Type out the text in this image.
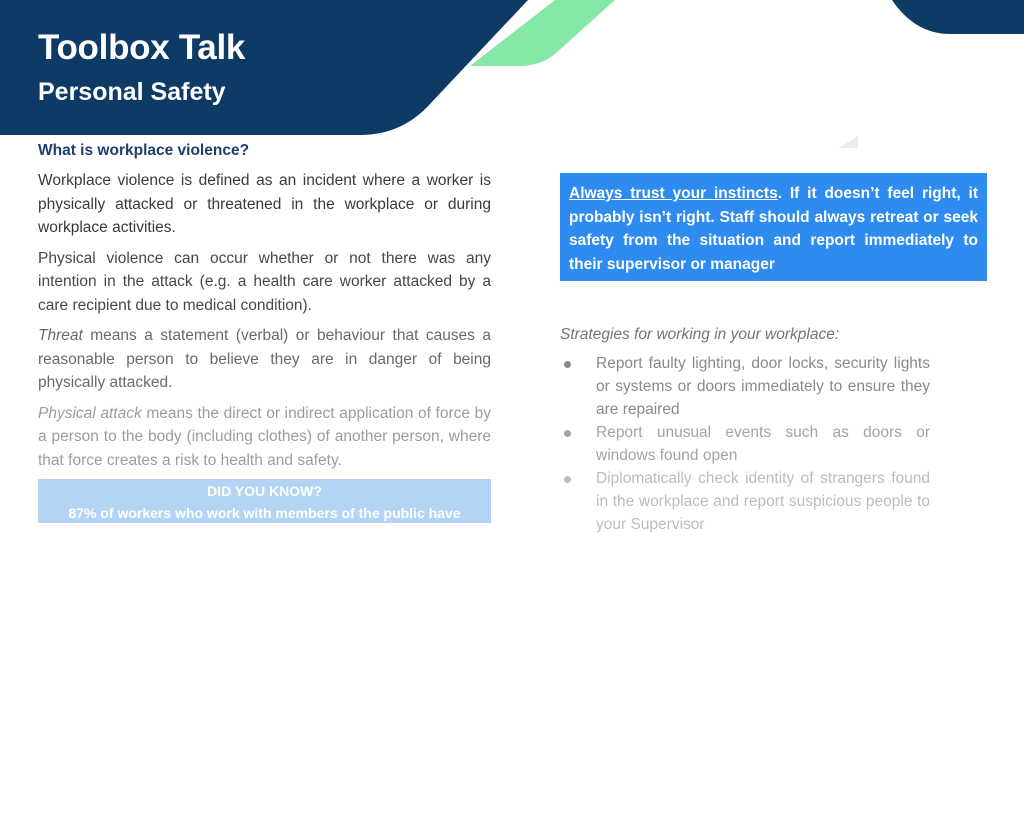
Toolbox Talk
Personal Safety
What is workplace violence?

Workplace violence is defined as an incident where a worker is physically attacked or threatened in the workplace or during workplace activities.

Physical violence can occur whether or not there was any intention in the attack (e.g. a health care worker attacked by a care recipient due to medical condition).

Threat means a statement (verbal) or behaviour that causes a reasonable person to believe they are in danger of being physically attacked.

Physical attack means the direct or indirect application of force by a person to the body (including clothes) of another person, where that force creates a risk to health and safety.

DID YOU KNOW?
87% of workers who work with members of the public have
Always trust your instincts. If it doesn’t feel right, it probably isn’t right. Staff should always retreat or seek safety from the situation and report immediately to their supervisor or manager
Strategies for working in your workplace:
Report faulty lighting, door locks, security lights or systems or doors immediately to ensure they are repaired
Report unusual events such as doors or windows found open
Diplomatically check identity of strangers found in the workplace and report suspicious people to your Supervisor
